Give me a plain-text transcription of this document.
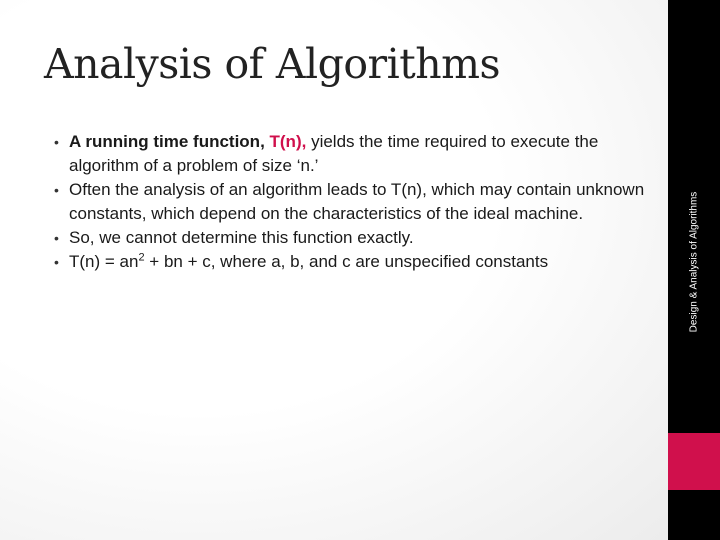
Analysis of Algorithms
• A running time function, T(n), yields the time required to execute the algorithm of a problem of size ‘n.’
• Often the analysis of an algorithm leads to T(n), which may contain unknown constants, which depend on the characteristics of the ideal machine.
• So, we cannot determine this function exactly.
• $T(n) = an^2$ + bn + c, where a, b, and c are unspecified constants	Design & Analysis of Algorithms
